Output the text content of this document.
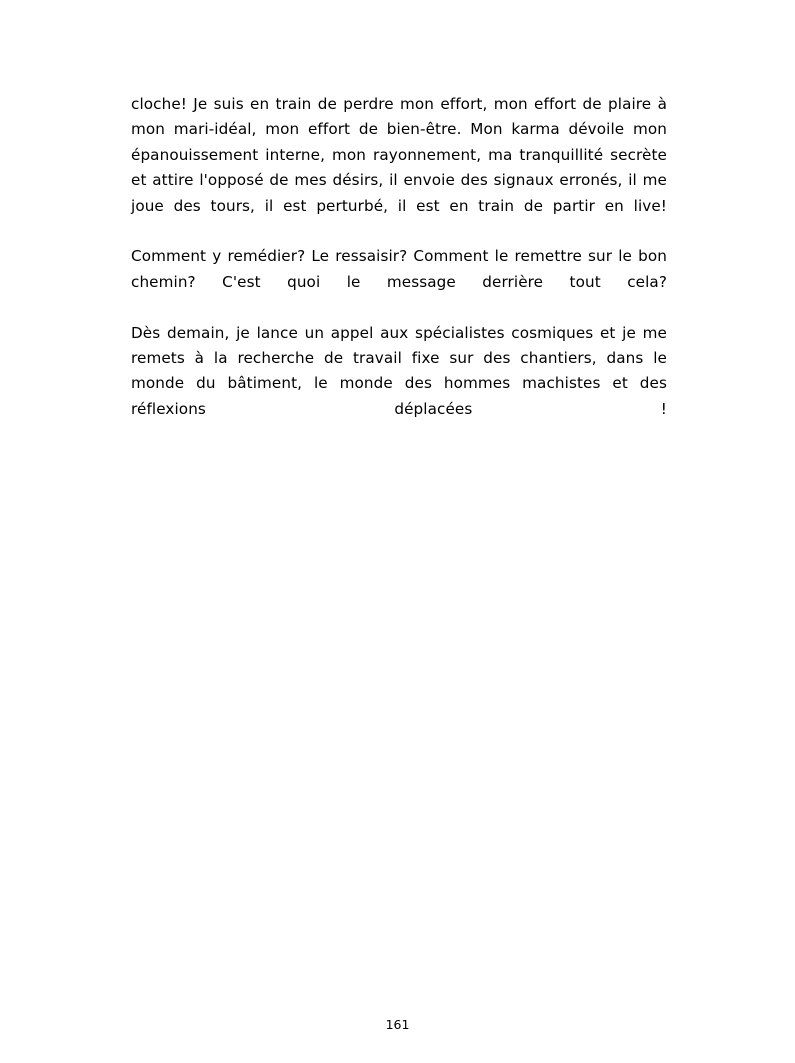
cloche! Je suis en train de perdre mon effort, mon effort de plaire à mon mari-idéal, mon effort de bien-être. Mon karma dévoile mon épanouissement interne, mon rayonnement, ma tranquillité secrète et attire l'opposé de mes désirs, il envoie des signaux erronés, il me joue des tours, il est perturbé, il est en train de partir en live!

Comment y remédier? Le ressaisir? Comment le remettre sur le bon chemin? C'est quoi le message derrière tout cela?

Dès demain, je lance un appel aux spécialistes cosmiques et je me remets à la recherche de travail fixe sur des chantiers, dans le monde du bâtiment, le monde des hommes machistes et des réflexions déplacées !

161
